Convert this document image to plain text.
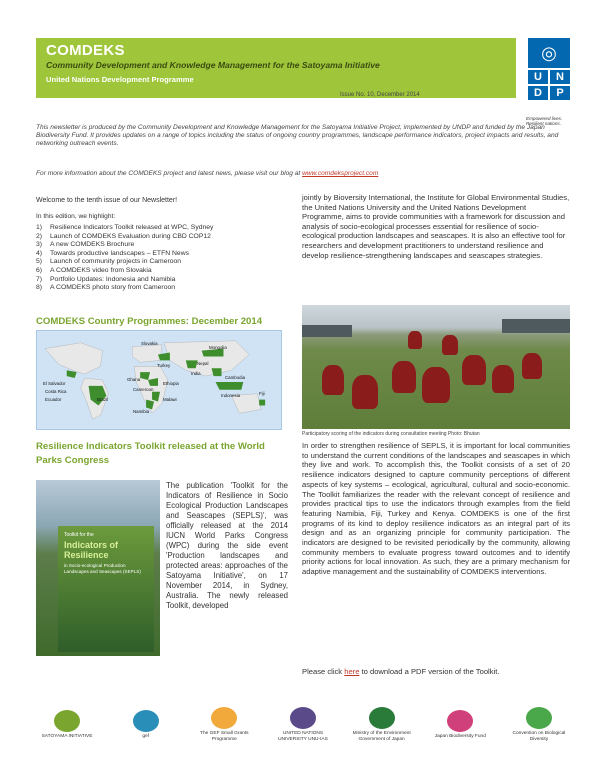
COMDEKS
Community Development and Knowledge Management for the Satoyama Initiative
United Nations Development Programme
Issue No. 10, December 2014
◎
U	N
D	P
Empowered lives. Resilient nations.
This newsletter is produced by the Community Development and Knowledge Management for the Satoyama Initiative Project, implemented by UNDP and funded by the Japan Biodiversity Fund. It provides updates on a range of topics including the status of ongoing country programmes, landscape performance indicators, project impacts and results, and networking outreach events.
For more information about the COMDEKS project and latest news, please visit our blog at www.comdeksproject.com
Welcome to the tenth issue of our Newsletter!
In this edition, we highlight:
1)	Resilience Indicators Toolkit released at WPC, Sydney
2)	Launch of COMDEKS Evaluation during CBD COP12
3)	A new COMDEKS Brochure
4)	Towards productive landscapes – ETFN News
5)	Launch of community projects in Cameroon
6)	A COMDEKS video from Slovakia
7)	Portfolio Updates: Indonesia and Namibia
8)	A COMDEKS photo story from Cameroon
COMDEKS Country Programmes: December 2014
Slovakia
Turkey
Fiji
El Salvador
Costa Rica
Ecuador	Brazil
Ghana
Cameroon
Malawi
Namibia
Cambodia
Nepal
India
Ethiopia
Indonesia
Mongolia
Resilience Indicators Toolkit released at the World Parks Congress
Toolkit for the
Indicators of Resilience
in Socio-ecological Production Landscapes and Seascapes (SEPLS)
The publication 'Toolkit for the Indicators of Resilience in Socio Ecological Production Landscapes and Seascapes (SEPLS)', was officially released at the 2014 IUCN World Parks Congress (WPC) during the side event 'Production landscapes and protected areas: approaches of the Satoyama Initiative', on 17 November 2014, in Sydney, Australia. The newly released Toolkit, developed
jointly by Bioversity International, the Institute for Global Environmental Studies, the United Nations University and the United Nations Development Programme, aims to provide communities with a framework for discussion and analysis of socio-ecological processes essential for resilience of socio-ecological production landscapes and seascapes. It is also an effective tool for researchers and development practitioners to understand resilience and develop resilience-strengthening landscapes and seascapes strategies.
Participatory scoring of the indicators during consultation meeting Photo: Bhutan
In order to strengthen resilience of SEPLS, it is important for local communities to understand the current conditions of the landscapes and seascapes in which they live and work. To accomplish this, the Toolkit consists of a set of 20 resilience indicators designed to capture community perceptions of different aspects of key systems – ecological, agricultural, cultural and socio-economic. The Toolkit familiarizes the reader with the relevant concept of resilience and provides practical tips to use the indicators through examples from the field featuring Namibia, Fiji, Turkey and Kenya. COMDEKS is one of the first programs of its kind to deploy resilience indicators as an integral part of its design and as an organizing principle for community participation. The indicators are designed to be revisited periodically by the community, allowing community members to evaluate progress toward outcomes and to identify priority actions for local innovation. As such, they are a primary mechanism for adaptive management and the sustainability of COMDEKS interventions.
Please click here to download a PDF version of the Toolkit.
SATOYAMA INITIATIVE	gef
The GEF Small Grants Programme
UNITED NATIONS UNIVERSITY UNU-IAS
Ministry of the Environment Government of Japan
Japan Biodiversity Fund
Convention on Biological Diversity
